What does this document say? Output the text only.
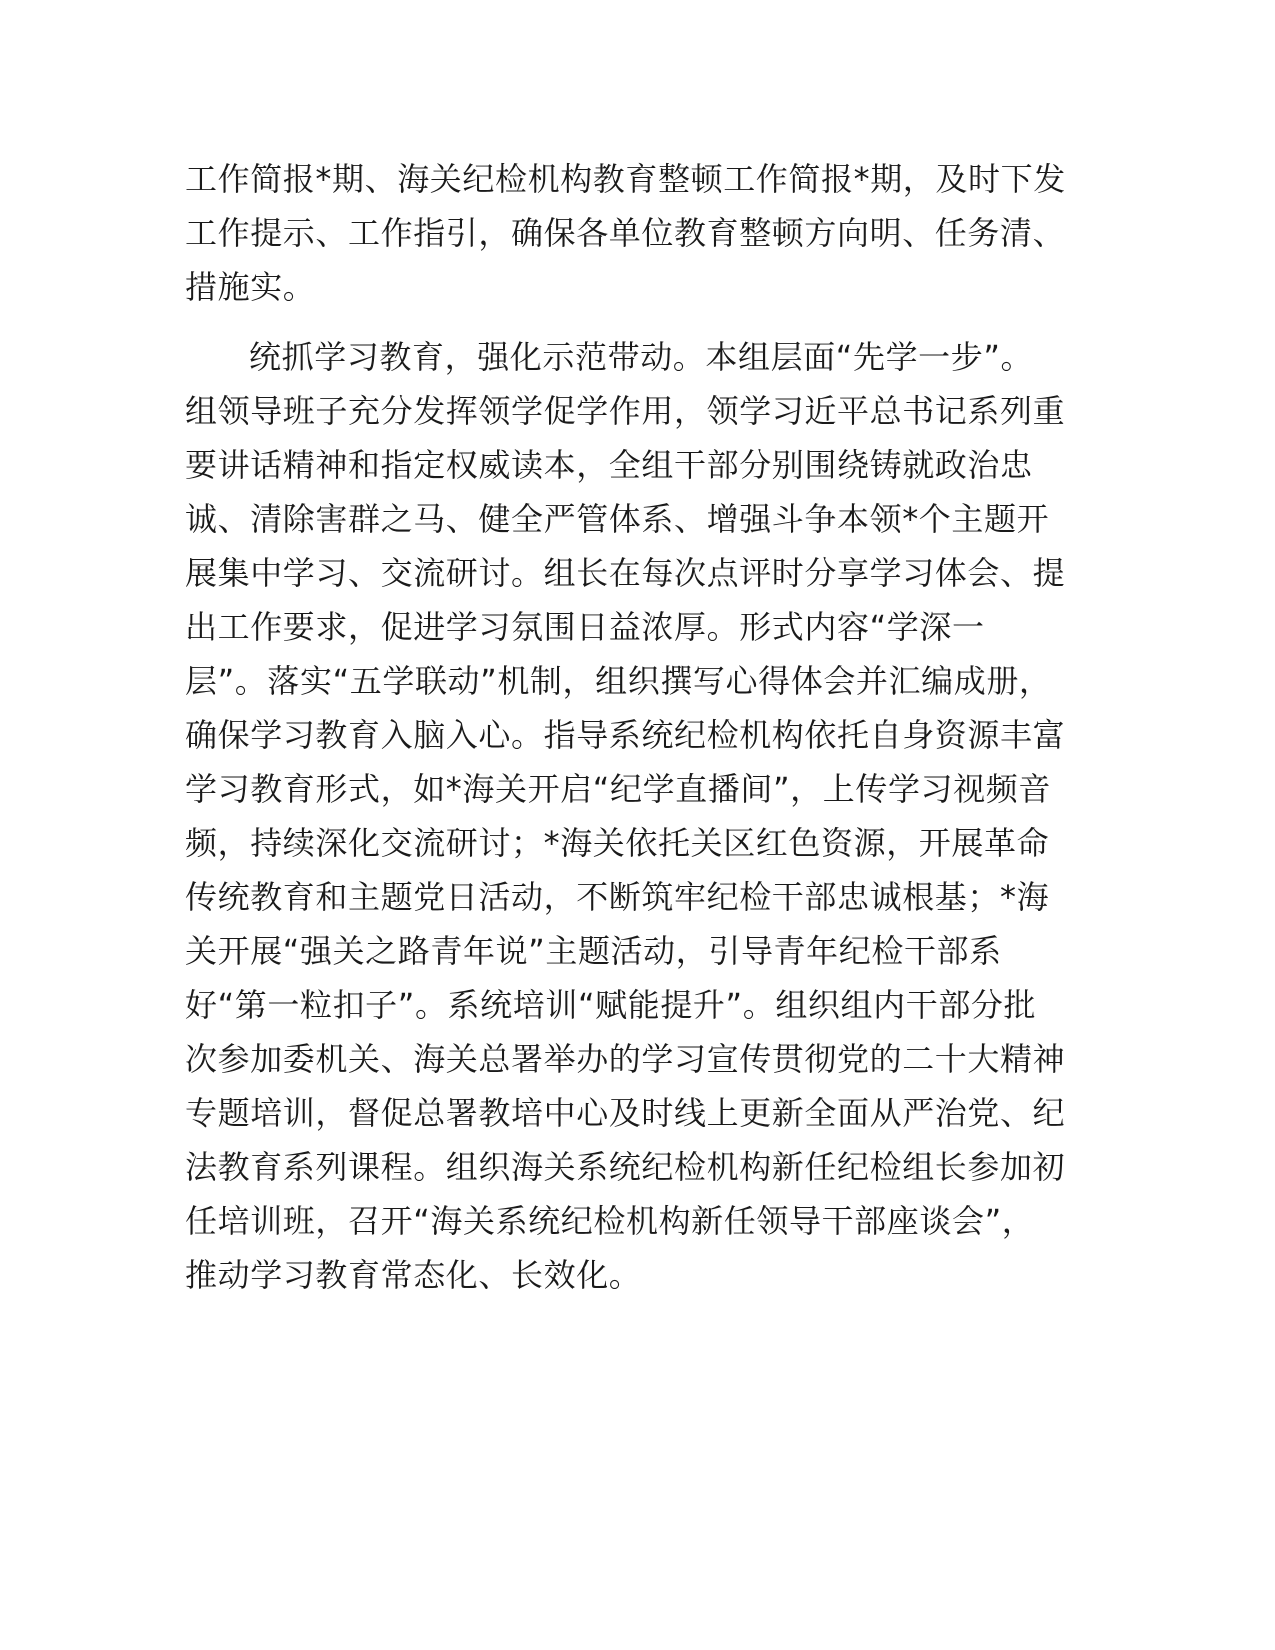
工作简报*期、海关纪检机构教育整顿工作简报*期，及时下发
工作提示、工作指引，确保各单位教育整顿方向明、任务清、
措施实。
统抓学习教育，强化示范带动。本组层面“先学一步”。
组领导班子充分发挥领学促学作用，领学习近平总书记系列重
要讲话精神和指定权威读本，全组干部分别围绕铸就政治忠
诚、清除害群之马、健全严管体系、增强斗争本领*个主题开
展集中学习、交流研讨。组长在每次点评时分享学习体会、提
出工作要求，促进学习氛围日益浓厚。形式内容“学深一
层”。落实“五学联动”机制，组织撰写心得体会并汇编成册，
确保学习教育入脑入心。指导系统纪检机构依托自身资源丰富
学习教育形式，如*海关开启“纪学直播间”，上传学习视频音
频，持续深化交流研讨；*海关依托关区红色资源，开展革命
传统教育和主题党日活动，不断筑牢纪检干部忠诚根基；*海
关开展“强关之路青年说”主题活动，引导青年纪检干部系
好“第一粒扣子”。系统培训“赋能提升”。组织组内干部分批
次参加委机关、海关总署举办的学习宣传贯彻党的二十大精神
专题培训，督促总署教培中心及时线上更新全面从严治党、纪
法教育系列课程。组织海关系统纪检机构新任纪检组长参加初
任培训班，召开“海关系统纪检机构新任领导干部座谈会”，
推动学习教育常态化、长效化。
